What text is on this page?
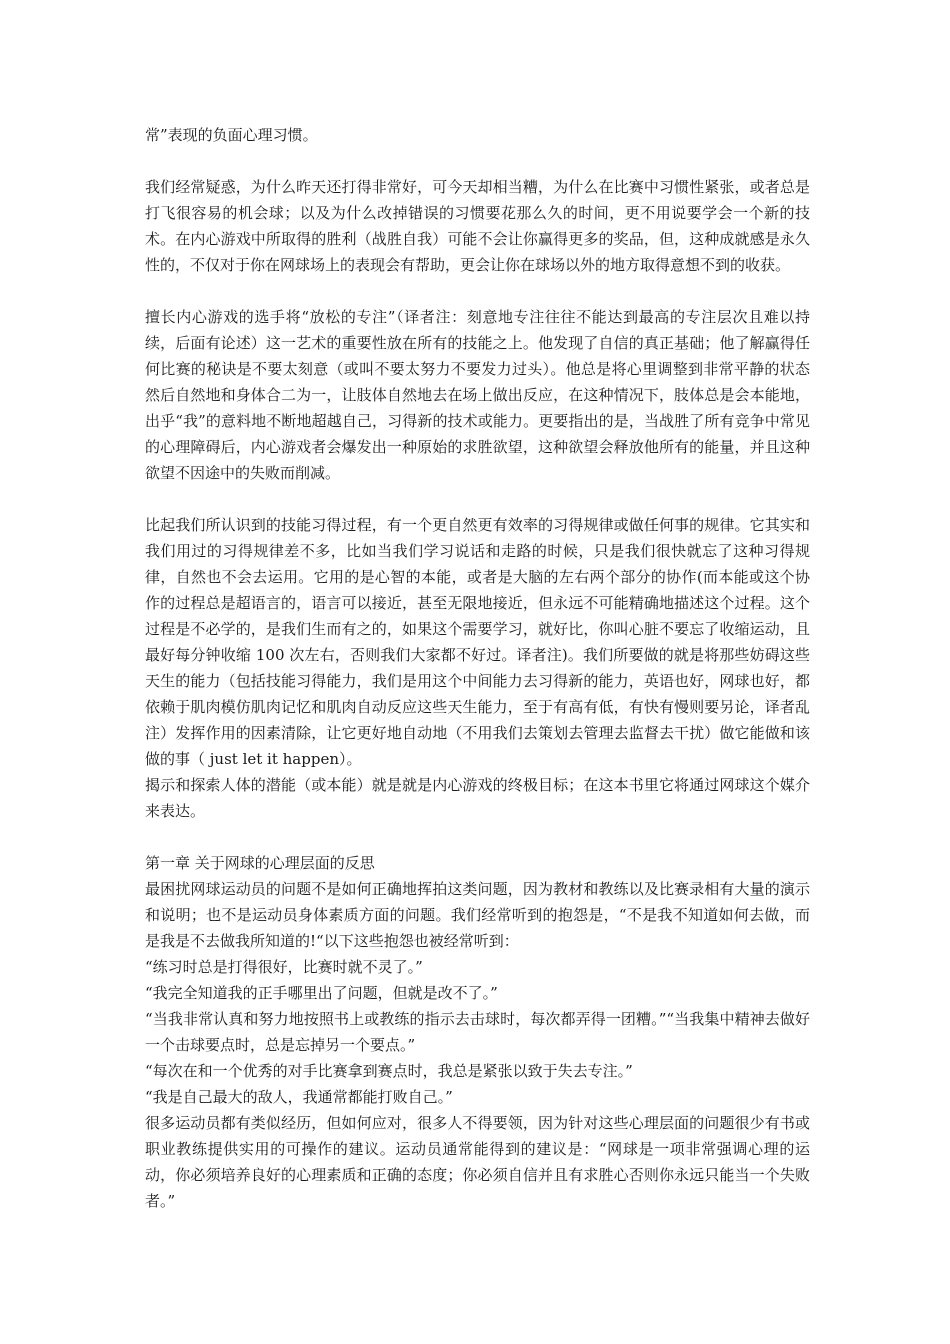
常”表现的负面心理习惯。

我们经常疑惑，为什么昨天还打得非常好，可今天却相当糟，为什么在比赛中习惯性紧张，或者总是打飞很容易的机会球；以及为什么改掉错误的习惯要花那么久的时间，更不用说要学会一个新的技术。在内心游戏中所取得的胜利（战胜自我）可能不会让你赢得更多的奖品，但，这种成就感是永久性的，不仅对于你在网球场上的表现会有帮助，更会让你在球场以外的地方取得意想不到的收获。

擅长内心游戏的选手将“放松的专注”（译者注：刻意地专注往往不能达到最高的专注层次且难以持续，后面有论述）这一艺术的重要性放在所有的技能之上。他发现了自信的真正基础；他了解赢得任何比赛的秘诀是不要太刻意（或叫不要太努力不要发力过头）。他总是将心里调整到非常平静的状态然后自然地和身体合二为一，让肢体自然地去在场上做出反应，在这种情况下，肢体总是会本能地，出乎“我”的意料地不断地超越自己，习得新的技术或能力。更要指出的是，当战胜了所有竞争中常见的心理障碍后，内心游戏者会爆发出一种原始的求胜欲望，这种欲望会释放他所有的能量，并且这种欲望不因途中的失败而削减。

比起我们所认识到的技能习得过程，有一个更自然更有效率的习得规律或做任何事的规律。它其实和我们用过的习得规律差不多，比如当我们学习说话和走路的时候，只是我们很快就忘了这种习得规律，自然也不会去运用。它用的是心智的本能，或者是大脑的左右两个部分的协作(而本能或这个协作的过程总是超语言的，语言可以接近，甚至无限地接近，但永远不可能精确地描述这个过程。这个过程是不必学的，是我们生而有之的，如果这个需要学习，就好比，你叫心脏不要忘了收缩运动，且最好每分钟收缩 100 次左右，否则我们大家都不好过。译者注)。我们所要做的就是将那些妨碍这些天生的能力（包括技能习得能力，我们是用这个中间能力去习得新的能力，英语也好，网球也好，都依赖于肌肉模仿肌肉记忆和肌肉自动反应这些天生能力，至于有高有低，有快有慢则要另论，译者乱注）发挥作用的因素清除，让它更好地自动地（不用我们去策划去管理去监督去干扰）做它能做和该做的事（ just let it happen）。

揭示和探索人体的潜能（或本能）就是就是内心游戏的终极目标；在这本书里它将通过网球这个媒介来表达。

第一章 关于网球的心理层面的反思

最困扰网球运动员的问题不是如何正确地挥拍这类问题，因为教材和教练以及比赛录相有大量的演示和说明；也不是运动员身体素质方面的问题。我们经常听到的抱怨是，“不是我不知道如何去做，而是我是不去做我所知道的!“以下这些抱怨也被经常听到：

“练习时总是打得很好，比赛时就不灵了。”

“我完全知道我的正手哪里出了问题，但就是改不了。”

“当我非常认真和努力地按照书上或教练的指示去击球时，每次都弄得一团糟。”“当我集中精神去做好一个击球要点时，总是忘掉另一个要点。”

“每次在和一个优秀的对手比赛拿到赛点时，我总是紧张以致于失去专注。”

“我是自己最大的敌人，我通常都能打败自己。”

很多运动员都有类似经历，但如何应对，很多人不得要领，因为针对这些心理层面的问题很少有书或职业教练提供实用的可操作的建议。运动员通常能得到的建议是：“网球是一项非常强调心理的运动，你必须培养良好的心理素质和正确的态度；你必须自信并且有求胜心否则你永远只能当一个失败者。”
